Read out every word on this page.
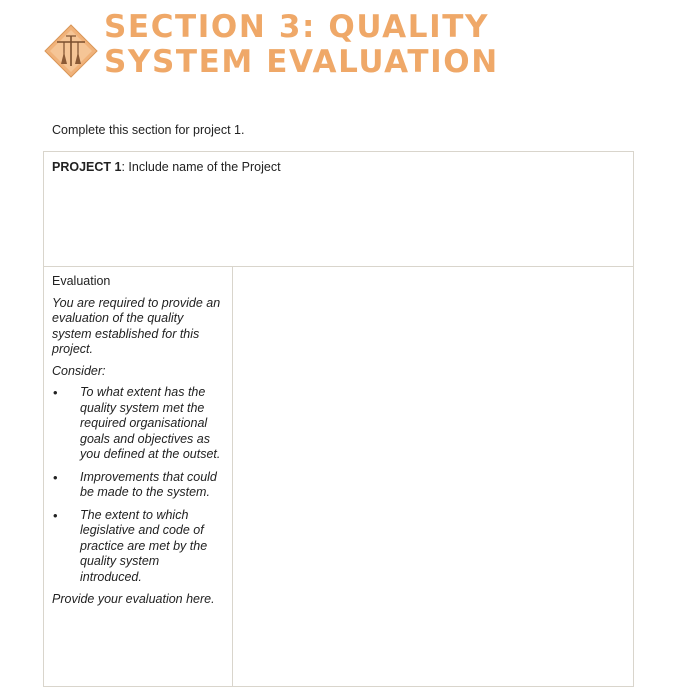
SECTION 3: QUALITY
SYSTEM EVALUATION
Complete this section for project 1.
PROJECT 1: Include name of the Project

Evaluation

You are required to provide an evaluation of the quality system established for this project.

Consider:

• To what extent has the quality system met the required organisational goals and objectives as you defined at the outset.
• Improvements that could be made to the system.
• The extent to which legislative and code of practice are met by the quality system introduced.

Provide your evaluation here.
